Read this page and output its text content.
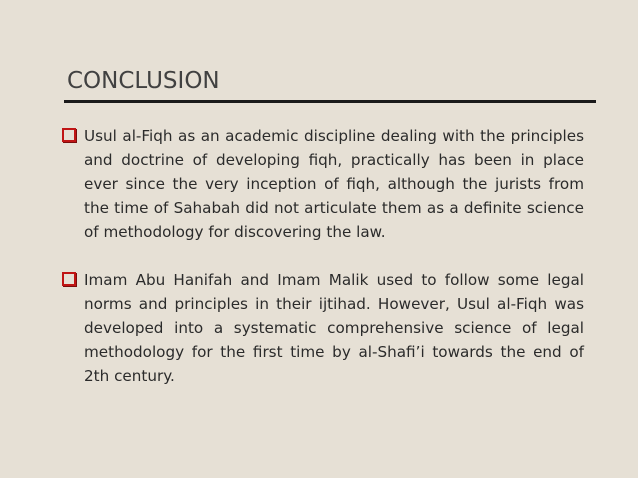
CONCLUSION

Usul al-Fiqh as an academic discipline dealing with the principles and doctrine of developing fiqh, practically has been in place ever since the very inception of fiqh, although the jurists from the time of Sahabah did not articulate them as a definite science of methodology for discovering the law.

Imam Abu Hanifah and Imam Malik used to follow some legal norms and principles in their ijtihad. However, Usul al-Fiqh was developed into a systematic comprehensive science of legal methodology for the first time by al-Shafi’i towards the end of 2th century.
